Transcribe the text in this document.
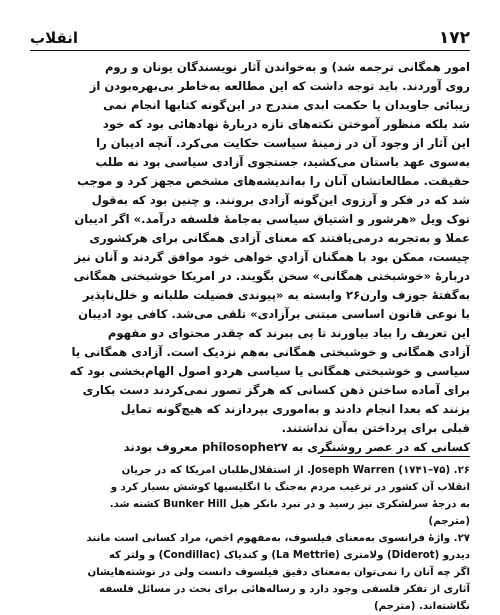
۱۷۲
انقلاب
امور همگانی ترجمه شد) و به‌خواندن آثار نویسندگان یونان و روم
روی آوردند. باید توجه داشت که این مطالعه به‌خاطر بی‌بهره‌بودن از
زیبائی جاویدان یا حکمت ابدی مندرج در این‌گونه کتابها انجام نمی
شد بلکه منظور آموختن نکته‌های تازه دربارهٔ نهادهائی بود که خود
این آثار از وجود آن در زمینهٔ سیاست حکایت می‌کرد. آنچه ادیبان را
به‌سوی عهد باستان می‌کشید، جستجوی آزادی سیاسی بود نه طلب
حقیقت. مطالعاتشان آنان را به‌اندیشه‌های مشخص مجهز کرد و موجب
شد که در فکر و آرزوی این‌گونه آزادی برونند. و چنین بود که به‌قول
توک ویل «هرشور و اشتیاق سیاسی به‌جامهٔ فلسفه درآمد.» اگر ادیبان
عملا و به‌تجربه درمی‌یافتند که معنای آزادی همگانی برای هرکشوری
چیست، ممکن بود با همگنان آزادیِ خواهی خود موافق گردند و آنان نیز
دربارهٔ «خوشبختی همگانی» سخن بگویند. در امریکا خوشبختی همگانی
به‌گفتهٔ جوزف وارن۲۶ وابسته به «پیوندی فضیلت طلبانه و خلل‌ناپذیر
با نوعی قانون اساسی مبتنی برآزادی» تلقی می‌شد. کافی بود ادیبان
این تعریف را بیاد بیاورند تا پی ببرند که چقدر محتوای دو مفهوم
آزادی همگانی و خوشبختی همگانی به‌هم نزدیک است. آزادی همگانی یا
سیاسی و خوشبختی همگانی یا سیاسی هردو اصول الهام‌بخشی بود که
برای آماده ساختن ذهن کسانی که هرگز تصور نمی‌کردند دست بکاری
بزنند که بعدا انجام دادند و به‌اموری بپردازند که هیچ‌گونه تمایل
قبلی برای پرداختن به‌آن نداشتند.
کسانی که در عصر روشنگری به philosophe۲۷ معروف بودند
۲۶. Joseph Warren (۱۷۴۱–۷۵). از استقلال‌طلبان امریکا که در جریان
انقلاب آن کشور در ترغیب مردم به‌جنگ با انگلیسیها کوشش بسیار کرد و
به درجهٔ سرلشکری نیز رسید و در نبرد بانکر هیل Bunker Hill کشته شد.
(مترجم)
۲۷. واژهٔ فرانسوی به‌معنای فیلسوف، به‌مفهوم اخص، مراد کسانی است مانند
دیدرو (Diderot) ولامتری (La Mettrie) و کندیاک (Condillac) و ولتر که
اگر چه آنان را نمی‌توان به‌معنای دقیق فیلسوف دانست ولی در نوشته‌هایشان
آثاری از تفکر فلسفی وجود دارد و رساله‌هائی برای بحث در مسائل فلسفه
نگاشته‌اند. (مترجم)
